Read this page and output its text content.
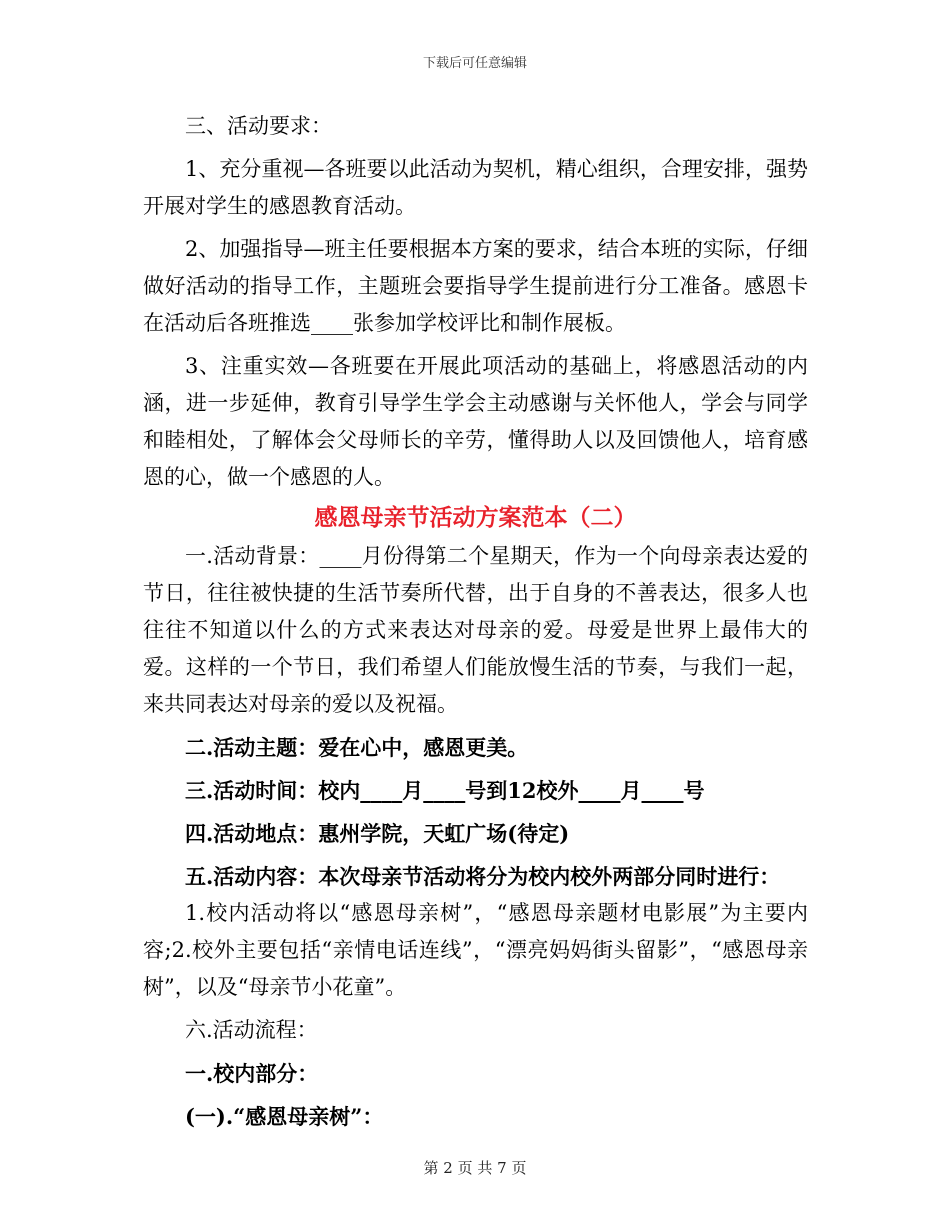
下载后可任意编辑

三、活动要求：

1、充分重视—各班要以此活动为契机，精心组织，合理安排，强势开展对学生的感恩教育活动。

2、加强指导—班主任要根据本方案的要求，结合本班的实际，仔细做好活动的指导工作，主题班会要指导学生提前进行分工准备。感恩卡在活动后各班推选____张参加学校评比和制作展板。

3、注重实效—各班要在开展此项活动的基础上，将感恩活动的内涵，进一步延伸，教育引导学生学会主动感谢与关怀他人，学会与同学和睦相处，了解体会父母师长的辛劳，懂得助人以及回馈他人，培育感恩的心，做一个感恩的人。

感恩母亲节活动方案范本（二）

一.活动背景：____月份得第二个星期天，作为一个向母亲表达爱的节日，往往被快捷的生活节奏所代替，出于自身的不善表达，很多人也往往不知道以什么的方式来表达对母亲的爱。母爱是世界上最伟大的爱。这样的一个节日，我们希望人们能放慢生活的节奏，与我们一起，来共同表达对母亲的爱以及祝福。

二.活动主题：爱在心中，感恩更美。

三.活动时间：校内____月____号到12校外____月____号

四.活动地点：惠州学院，天虹广场(待定)

五.活动内容：本次母亲节活动将分为校内校外两部分同时进行：

1.校内活动将以“感恩母亲树”，“感恩母亲题材电影展”为主要内容;2.校外主要包括“亲情电话连线”，“漂亮妈妈街头留影”，“感恩母亲树”，以及“母亲节小花童”。

六.活动流程：

一.校内部分：

(一).“感恩母亲树”：

第 2 页 共 7 页
